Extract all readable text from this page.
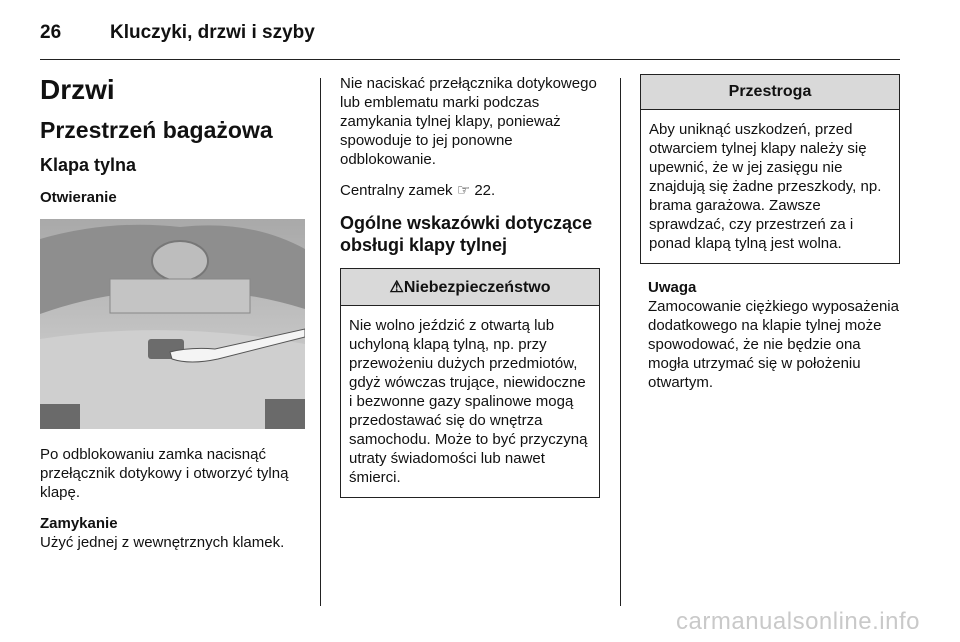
26	Kluczyki, drzwi i szyby
Drzwi
Przestrzeń bagażowa
Klapa tylna
Otwieranie

Po odblokowaniu zamka nacisnąć przełącznik dotykowy i otworzyć tylną klapę.

Zamykanie
Użyć jednej z wewnętrznych klamek.

Nie naciskać przełącznika dotykowego lub emblematu marki podczas zamykania tylnej klapy, ponieważ spowoduje to jej ponowne odblokowanie.

Centralny zamek ☞ 22.

Ogólne wskazówki dotyczące obsługi klapy tylnej
⚠Niebezpieczeństwo

Nie wolno jeździć z otwartą lub uchyloną klapą tylną, np. przy przewożeniu dużych przedmiotów, gdyż wówczas trujące, niewidoczne i bezwonne gazy spalinowe mogą przedostawać się do wnętrza samochodu. Może to być przyczyną utraty świadomości lub nawet śmierci.

Przestroga

Aby uniknąć uszkodzeń, przed otwarciem tylnej klapy należy się upewnić, że w jej zasięgu nie znajdują się żadne przeszkody, np. brama garażowa. Zawsze sprawdzać, czy przestrzeń za i ponad klapą tylną jest wolna.

Uwaga
Zamocowanie ciężkiego wyposażenia dodatkowego na klapie tylnej może spowodować, że nie będzie ona mogła utrzymać się w położeniu otwartym.

carmanualsonline.info
